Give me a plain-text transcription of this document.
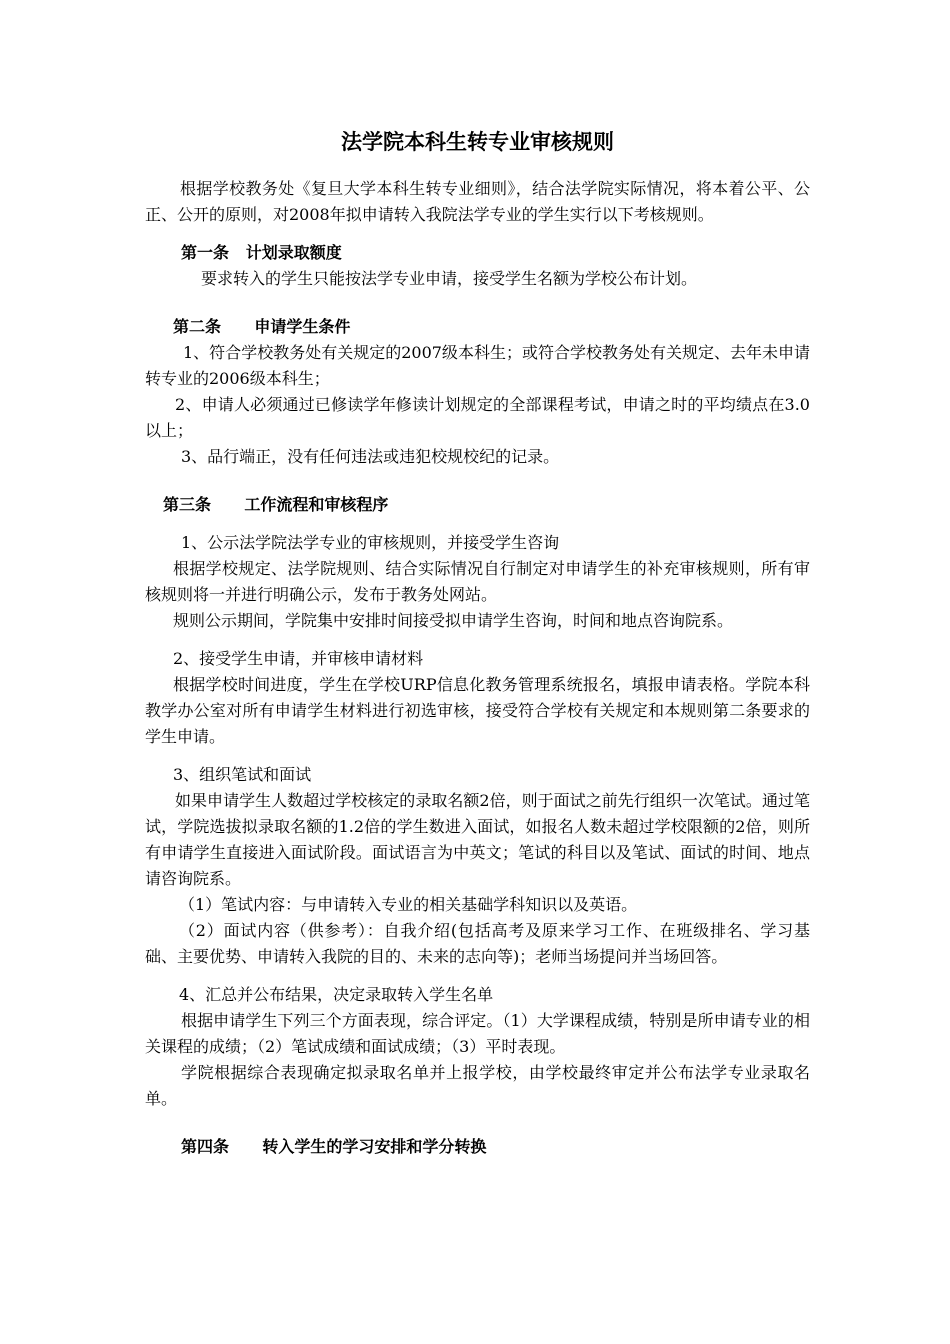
法学院本科生转专业审核规则

根据学校教务处《复旦大学本科生转专业细则》，结合法学院实际情况，将本着公平、公正、公开的原则，对2008年拟申请转入我院法学专业的学生实行以下考核规则。

第一条   计划录取额度

要求转入的学生只能按法学专业申请，接受学生名额为学校公布计划。

第二条      申请学生条件

1、符合学校教务处有关规定的2007级本科生；或符合学校教务处有关规定、去年未申请转专业的2006级本科生；

2、申请人必须通过已修读学年修读计划规定的全部课程考试，申请之时的平均绩点在3.0以上；

3、品行端正，没有任何违法或违犯校规校纪的记录。

第三条      工作流程和审核程序

1、公示法学院法学专业的审核规则，并接受学生咨询

根据学校规定、法学院规则、结合实际情况自行制定对申请学生的补充审核规则，所有审核规则将一并进行明确公示，发布于教务处网站。

规则公示期间，学院集中安排时间接受拟申请学生咨询，时间和地点咨询院系。

2、接受学生申请，并审核申请材料

根据学校时间进度，学生在学校URP信息化教务管理系统报名，填报申请表格。学院本科教学办公室对所有申请学生材料进行初选审核，接受符合学校有关规定和本规则第二条要求的学生申请。

3、组织笔试和面试

如果申请学生人数超过学校核定的录取名额2倍，则于面试之前先行组织一次笔试。通过笔试，学院选拔拟录取名额的1.2倍的学生数进入面试，如报名人数未超过学校限额的2倍，则所有申请学生直接进入面试阶段。面试语言为中英文；笔试的科目以及笔试、面试的时间、地点请咨询院系。

（1）笔试内容：与申请转入专业的相关基础学科知识以及英语。

（2）面试内容（供参考）：自我介绍(包括高考及原来学习工作、在班级排名、学习基础、主要优势、申请转入我院的目的、未来的志向等)；老师当场提问并当场回答。

4、汇总并公布结果，决定录取转入学生名单

根据申请学生下列三个方面表现，综合评定。（1）大学课程成绩，特别是所申请专业的相关课程的成绩；（2）笔试成绩和面试成绩；（3）平时表现。

学院根据综合表现确定拟录取名单并上报学校，由学校最终审定并公布法学专业录取名单。

第四条      转入学生的学习安排和学分转换
